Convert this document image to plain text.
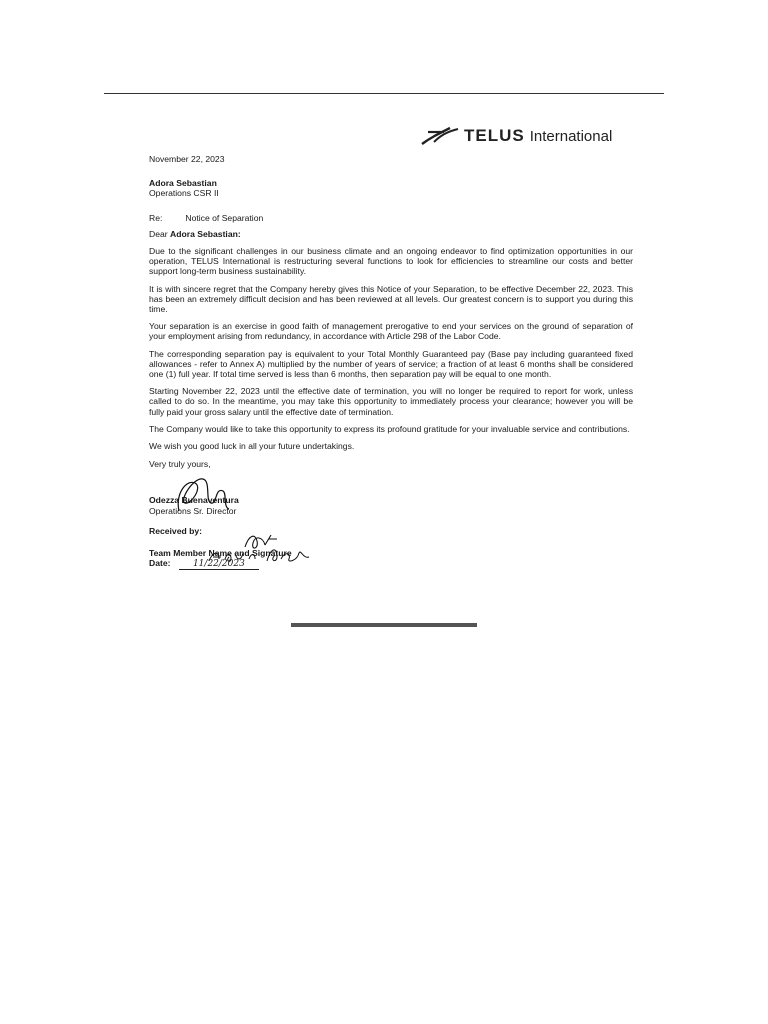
TELUS International

November 22, 2023

Adora Sebastian

Operations CSR II

Re:	Notice of Separation

Dear Adora Sebastian:

Due to the significant challenges in our business climate and an ongoing endeavor to find optimization opportunities in our operation, TELUS International is restructuring several functions to look for efficiencies to streamline our costs and better support long-term business sustainability.

It is with sincere regret that the Company hereby gives this Notice of your Separation, to be effective December 22, 2023. This has been an extremely difficult decision and has been reviewed at all levels. Our greatest concern is to support you during this time.

Your separation is an exercise in good faith of management prerogative to end your services on the ground of separation of your employment arising from redundancy, in accordance with Article 298 of the Labor Code.

The corresponding separation pay is equivalent to your Total Monthly Guaranteed pay (Base pay including guaranteed fixed allowances - refer to Annex A) multiplied by the number of years of service; a fraction of at least 6 months shall be considered one (1) full year. If total time served is less than 6 months, then separation pay will be equal to one month.

Starting November 22, 2023 until the effective date of termination, you will no longer be required to report for work, unless called to do so. In the meantime, you may take this opportunity to immediately process your clearance; however you will be fully paid your gross salary until the effective date of termination.

The Company would like to take this opportunity to express its profound gratitude for your invaluable service and contributions.

We wish you good luck in all your future undertakings.

Very truly yours,

Odezza Buenaventura

Operations Sr. Director

Received by:

Team Member Name and Signature

Date: 11/22/2023
